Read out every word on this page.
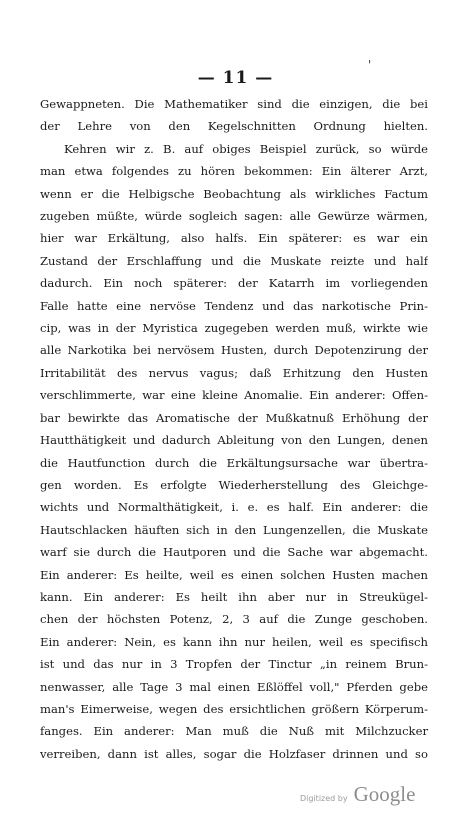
— 11 —
'
Gewappneten. Die Mathematiker sind die einzigen, die bei
der Lehre von den Kegelschnitten Ordnung hielten.
Kehren wir z. B. auf obiges Beispiel zurück, so würde
man etwa folgendes zu hören bekommen: Ein älterer Arzt,
wenn er die Helbigsche Beobachtung als wirkliches Factum
zugeben müßte, würde sogleich sagen: alle Gewürze wärmen,
hier war Erkältung, also halfs. Ein späterer: es war ein
Zustand der Erschlaffung und die Muskate reizte und half
dadurch. Ein noch späterer: der Katarrh im vorliegenden
Falle hatte eine nervöse Tendenz und das narkotische Prin-
cip, was in der Myristica zugegeben werden muß, wirkte wie
alle Narkotika bei nervösem Husten, durch Depotenzirung der
Irritabilität des nervus vagus; daß Erhitzung den Husten
verschlimmerte, war eine kleine Anomalie. Ein anderer: Offen-
bar bewirkte das Aromatische der Mußkatnuß Erhöhung der
Hautthätigkeit und dadurch Ableitung von den Lungen, denen
die Hautfunction durch die Erkältungsursache war übertra-
gen worden. Es erfolgte Wiederherstellung des Gleichge-
wichts und Normalthätigkeit, i. e. es half. Ein anderer: die
Hautschlacken häuften sich in den Lungenzellen, die Muskate
warf sie durch die Hautporen und die Sache war abgemacht.
Ein anderer: Es heilte, weil es einen solchen Husten machen
kann. Ein anderer: Es heilt ihn aber nur in Streukügel-
chen der höchsten Potenz, 2, 3 auf die Zunge geschoben.
Ein anderer: Nein, es kann ihn nur heilen, weil es specifisch
ist und das nur in 3 Tropfen der Tinctur „in reinem Brun-
nenwasser, alle Tage 3 mal einen Eßlöffel voll," Pferden gebe
man's Eimerweise, wegen des ersichtlichen größern Körperum-
fanges. Ein anderer: Man muß die Nuß mit Milchzucker
verreiben, dann ist alles, sogar die Holzfaser drinnen und so
Digitized by Google
